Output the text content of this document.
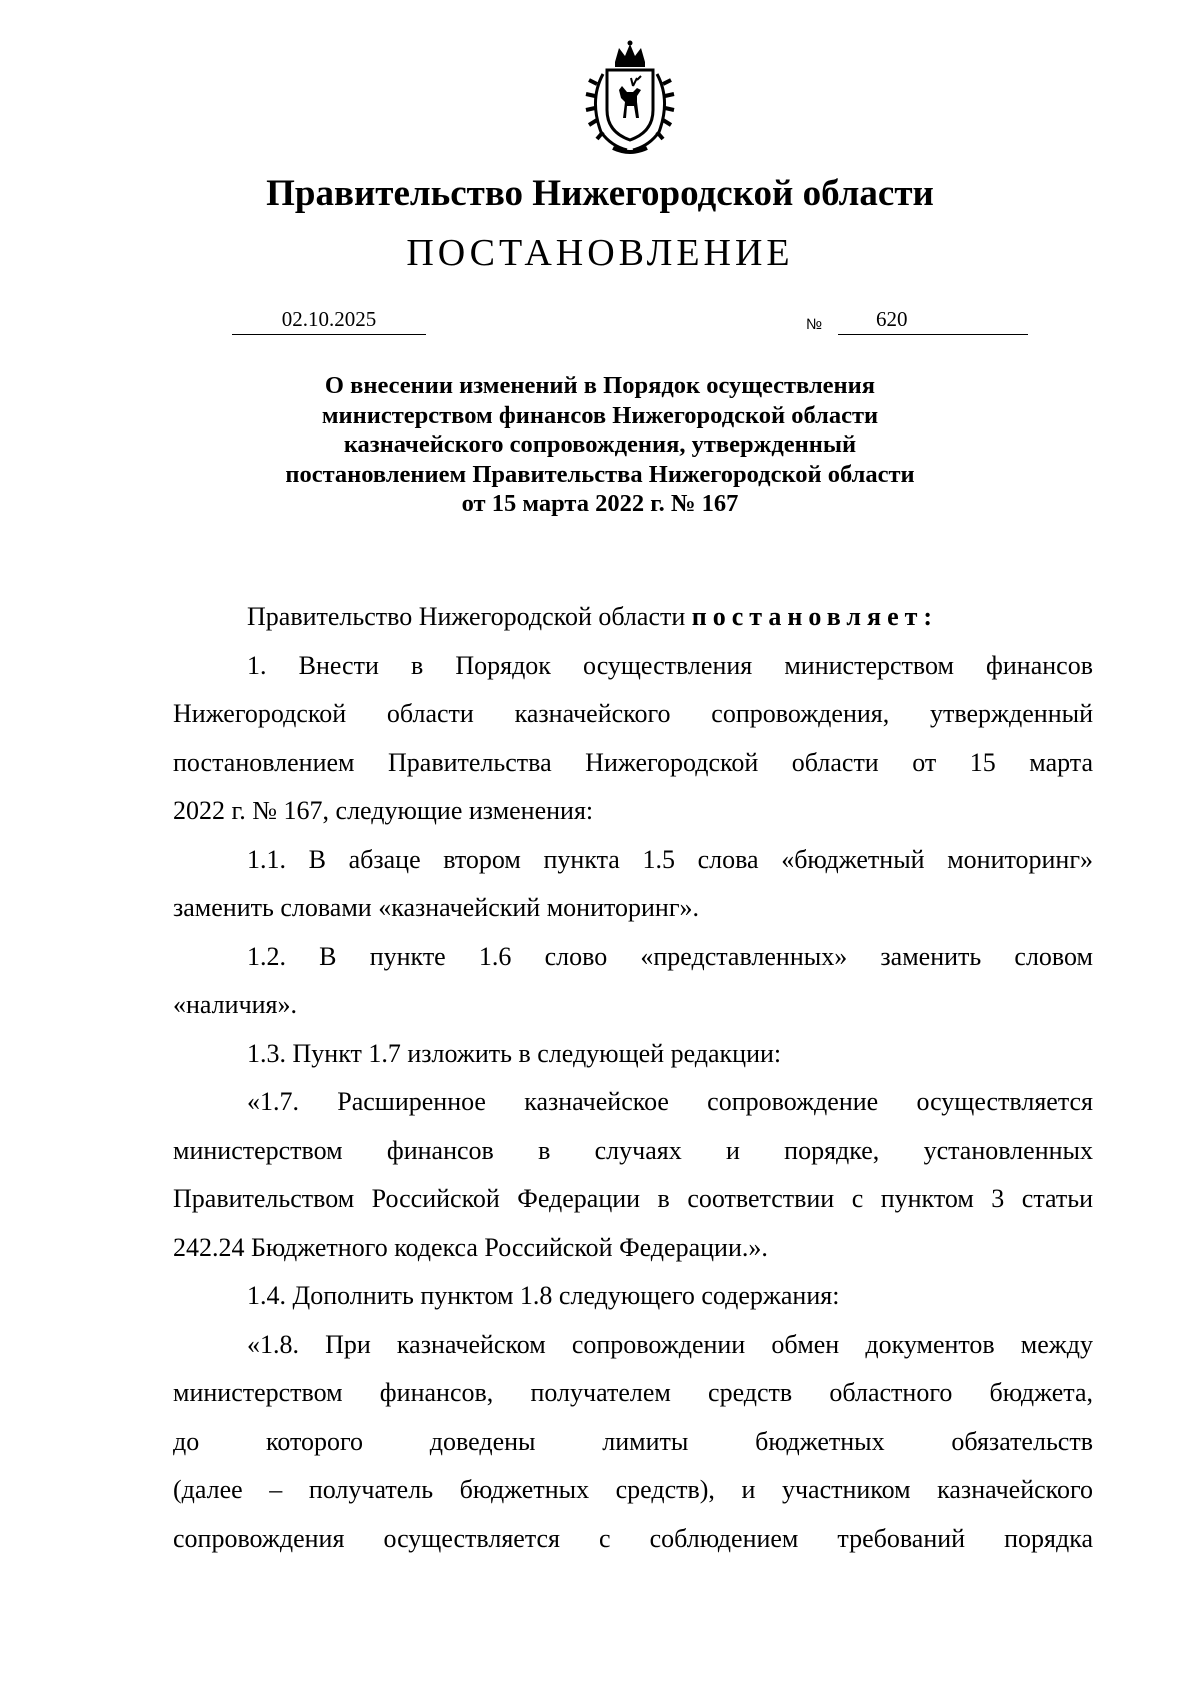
Правительство Нижегородской области
ПОСТАНОВЛЕНИЕ
02.10.2025	№	620
О внесении изменений в Порядок осуществления
министерством финансов Нижегородской области
казначейского сопровождения, утвержденный
постановлением Правительства Нижегородской области
от 15 марта 2022 г. № 167
Правительство Нижегородской области постановляет:
1. Внести в Порядок осуществления министерством финансов
Нижегородской области казначейского сопровождения, утвержденный
постановлением Правительства Нижегородской области от 15 марта
2022 г. № 167, следующие изменения:
1.1. В абзаце втором пункта 1.5 слова «бюджетный мониторинг»
заменить словами «казначейский мониторинг».
1.2. В пункте 1.6 слово «представленных» заменить словом
«наличия».
1.3. Пункт 1.7 изложить в следующей редакции:
«1.7. Расширенное казначейское сопровождение осуществляется
министерством финансов в случаях и порядке, установленных
Правительством Российской Федерации в соответствии с пунктом 3 статьи
242.24 Бюджетного кодекса Российской Федерации.».
1.4. Дополнить пунктом 1.8 следующего содержания:
«1.8. При казначейском сопровождении обмен документов между
министерством финансов, получателем средств областного бюджета,
до которого доведены лимиты бюджетных обязательств
(далее – получатель бюджетных средств), и участником казначейского
сопровождения осуществляется с соблюдением требований порядка
